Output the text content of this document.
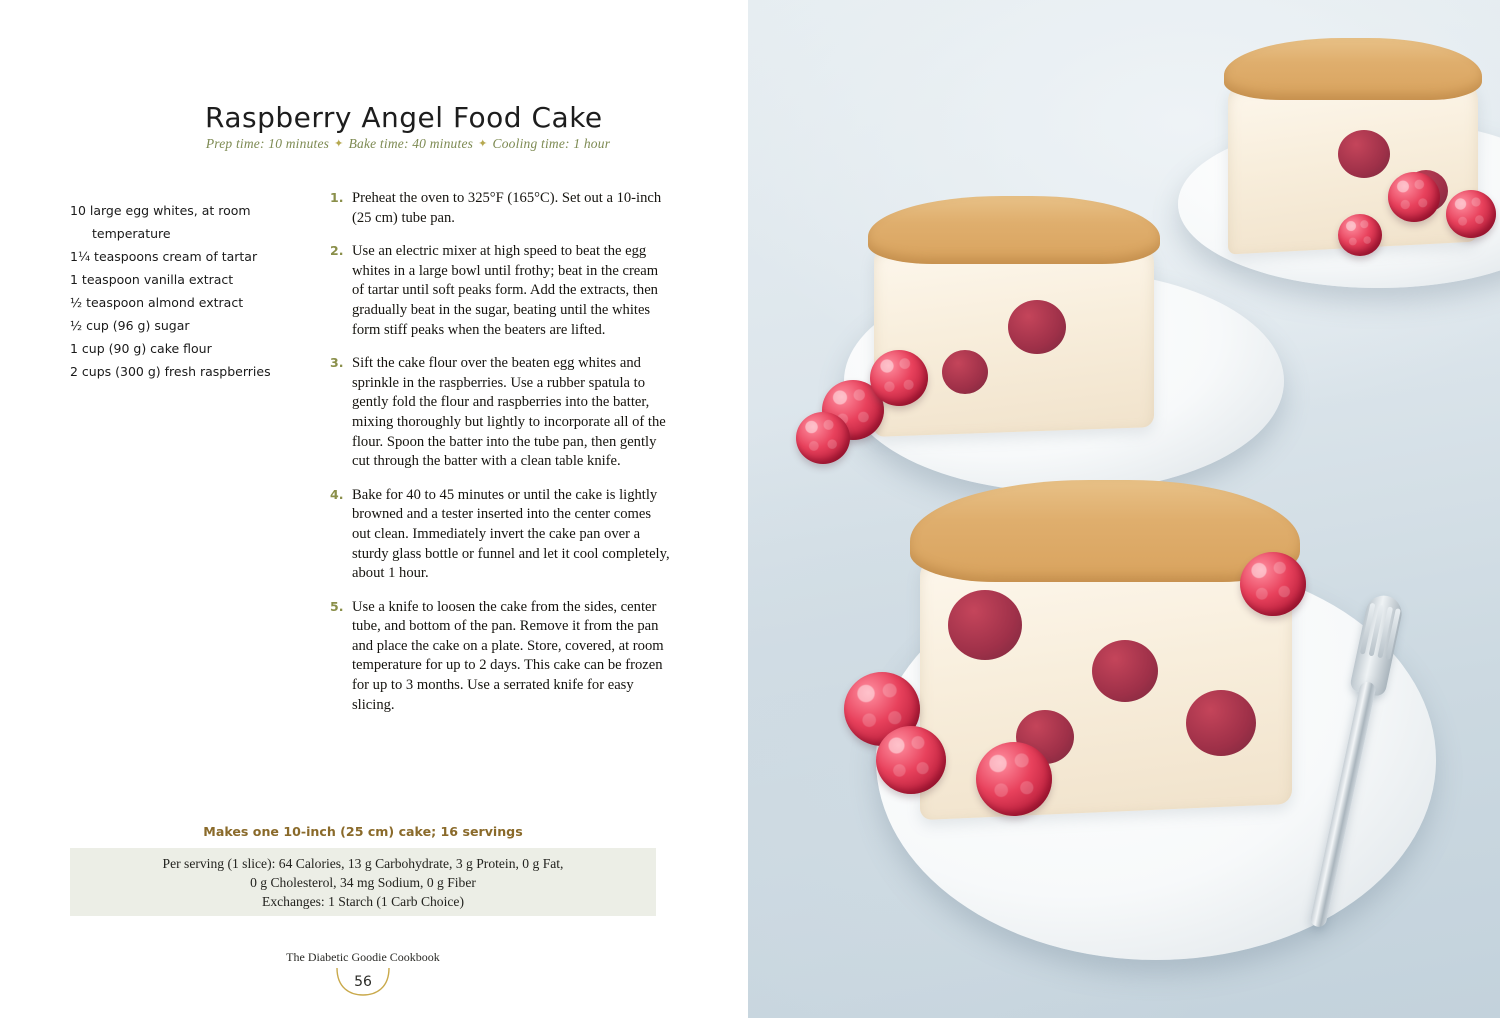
Raspberry Angel Food Cake
Prep time: 10 minutes ✦ Bake time: 40 minutes ✦ Cooling time: 1 hour
10 large egg whites, at room
temperature
1¼ teaspoons cream of tartar
1 teaspoon vanilla extract
½ teaspoon almond extract
½ cup (96 g) sugar
1 cup (90 g) cake flour
2 cups (300 g) fresh raspberries
1. Preheat the oven to 325°F (165°C). Set out a 10-inch (25 cm) tube pan.
2. Use an electric mixer at high speed to beat the egg whites in a large bowl until frothy; beat in the cream of tartar until soft peaks form. Add the extracts, then gradually beat in the sugar, beating until the whites form stiff peaks when the beaters are lifted.
3. Sift the cake flour over the beaten egg whites and sprinkle in the raspberries. Use a rubber spatula to gently fold the flour and raspberries into the batter, mixing thoroughly but lightly to incorporate all of the flour. Spoon the batter into the tube pan, then gently cut through the batter with a clean table knife.
4. Bake for 40 to 45 minutes or until the cake is lightly browned and a tester inserted into the center comes out clean. Immediately invert the cake pan over a sturdy glass bottle or funnel and let it cool completely, about 1 hour.
5. Use a knife to loosen the cake from the sides, center tube, and bottom of the pan. Remove it from the pan and place the cake on a plate. Store, covered, at room temperature for up to 2 days. This cake can be frozen for up to 3 months. Use a serrated knife for easy slicing.
Makes one 10-inch (25 cm) cake; 16 servings
Per serving (1 slice): 64 Calories, 13 g Carbohydrate, 3 g Protein, 0 g Fat,
0 g Cholesterol, 34 mg Sodium, 0 g Fiber
Exchanges: 1 Starch (1 Carb Choice)
The Diabetic Goodie Cookbook
56
